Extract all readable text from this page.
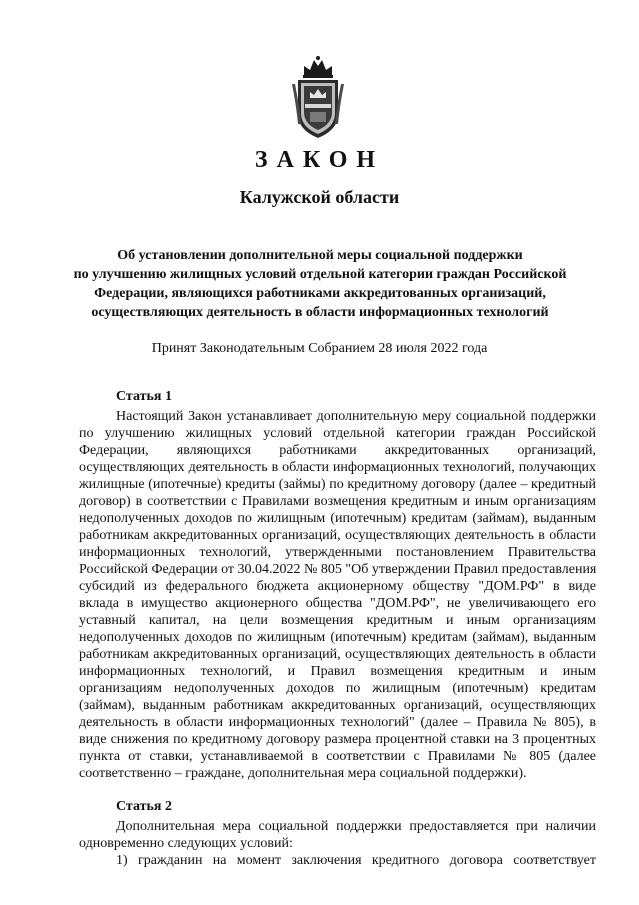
ЗАКОН
Калужской области
Об установлении дополнительной меры социальной поддержки
по улучшению жилищных условий отдельной категории граждан Российской
Федерации, являющихся работниками аккредитованных организаций,
осуществляющих деятельность в области информационных технологий
Принят Законодательным Собранием 28 июля 2022 года
Статья 1
Настоящий Закон устанавливает дополнительную меру социальной поддержки
по улучшению жилищных условий отдельной категории граждан Российской
Федерации, являющихся работниками аккредитованных организаций,
осуществляющих деятельность в области информационных технологий, получающих
жилищные (ипотечные) кредиты (займы) по кредитному договору (далее – кредитный
договор) в соответствии с Правилами возмещения кредитным и иным организациям
недополученных доходов по жилищным (ипотечным) кредитам (займам), выданным
работникам аккредитованных организаций, осуществляющих деятельность в области
информационных технологий, утвержденными постановлением Правительства
Российской Федерации от 30.04.2022 № 805 "Об утверждении Правил предоставления
субсидий из федерального бюджета акционерному обществу "ДОМ.РФ" в виде
вклада в имущество акционерного общества "ДОМ.РФ", не увеличивающего его
уставный капитал, на цели возмещения кредитным и иным организациям
недополученных доходов по жилищным (ипотечным) кредитам (займам), выданным
работникам аккредитованных организаций, осуществляющих деятельность в области
информационных технологий, и Правил возмещения кредитным и иным
организациям недополученных доходов по жилищным (ипотечным) кредитам
(займам), выданным работникам аккредитованных организаций, осуществляющих
деятельность в области информационных технологий" (далее – Правила № 805), в
виде снижения по кредитному договору размера процентной ставки на 3 процентных
пункта от ставки, устанавливаемой в соответствии с Правилами № 805 (далее
соответственно – граждане, дополнительная мера социальной поддержки).
Статья 2
Дополнительная мера социальной поддержки предоставляется при наличии
одновременно следующих условий:
1) гражданин на момент заключения кредитного договора соответствует
